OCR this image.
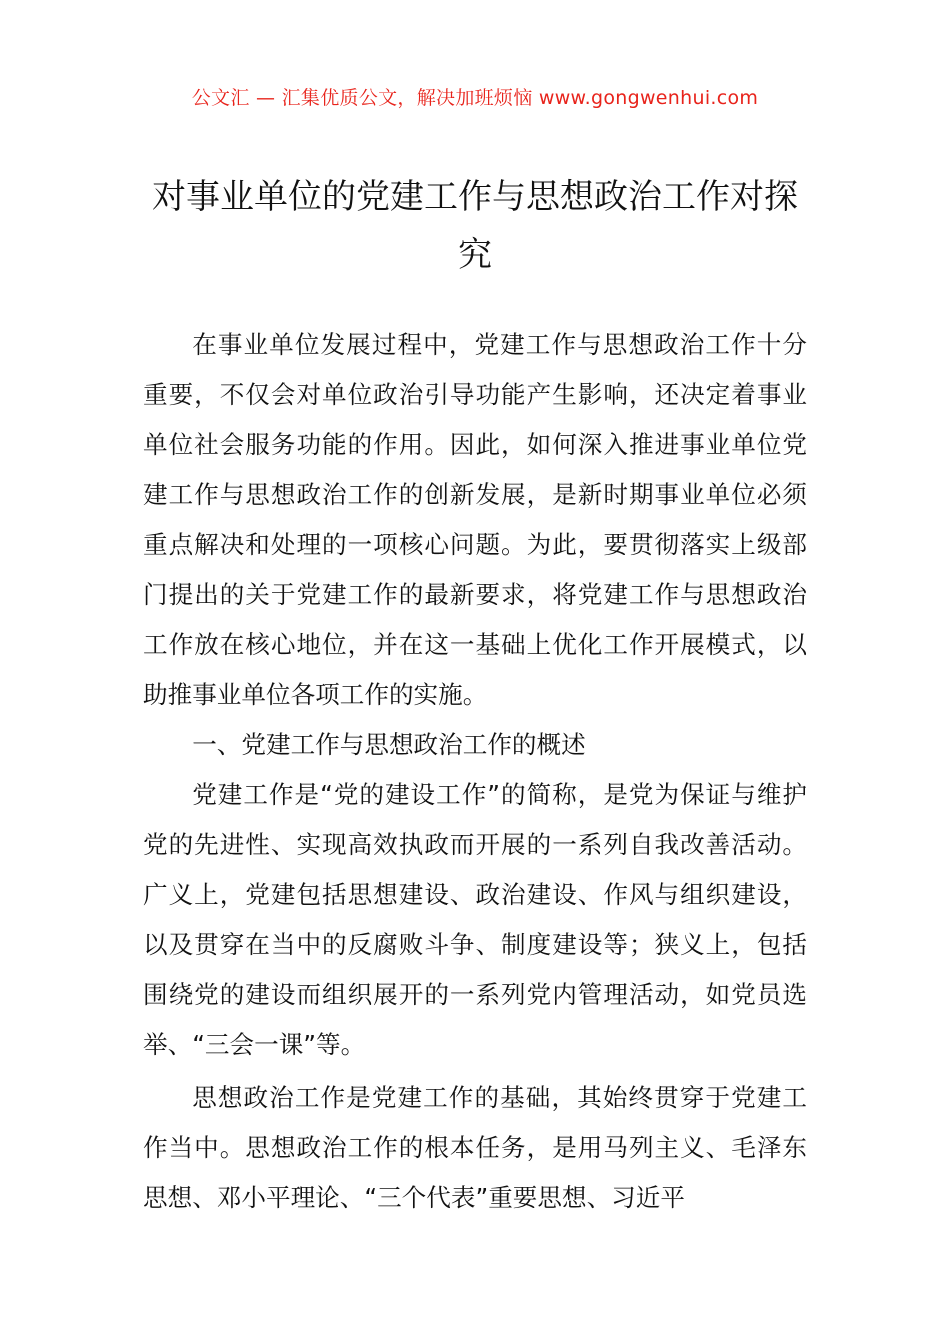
公文汇 — 汇集优质公文，解决加班烦恼 www.gongwenhui.com
对事业单位的党建工作与思想政治工作对探究

在事业单位发展过程中，党建工作与思想政治工作十分重要，不仅会对单位政治引导功能产生影响，还决定着事业单位社会服务功能的作用。因此，如何深入推进事业单位党建工作与思想政治工作的创新发展，是新时期事业单位必须重点解决和处理的一项核心问题。为此，要贯彻落实上级部门提出的关于党建工作的最新要求，将党建工作与思想政治工作放在核心地位，并在这一基础上优化工作开展模式，以助推事业单位各项工作的实施。

一、党建工作与思想政治工作的概述

党建工作是“党的建设工作”的简称，是党为保证与维护党的先进性、实现高效执政而开展的一系列自我改善活动。广义上，党建包括思想建设、政治建设、作风与组织建设，以及贯穿在当中的反腐败斗争、制度建设等；狭义上，包括围绕党的建设而组织展开的一系列党内管理活动，如党员选举、“三会一课”等。

思想政治工作是党建工作的基础，其始终贯穿于党建工作当中。思想政治工作的根本任务，是用马列主义、毛泽东思想、邓小平理论、“三个代表”重要思想、习近平
